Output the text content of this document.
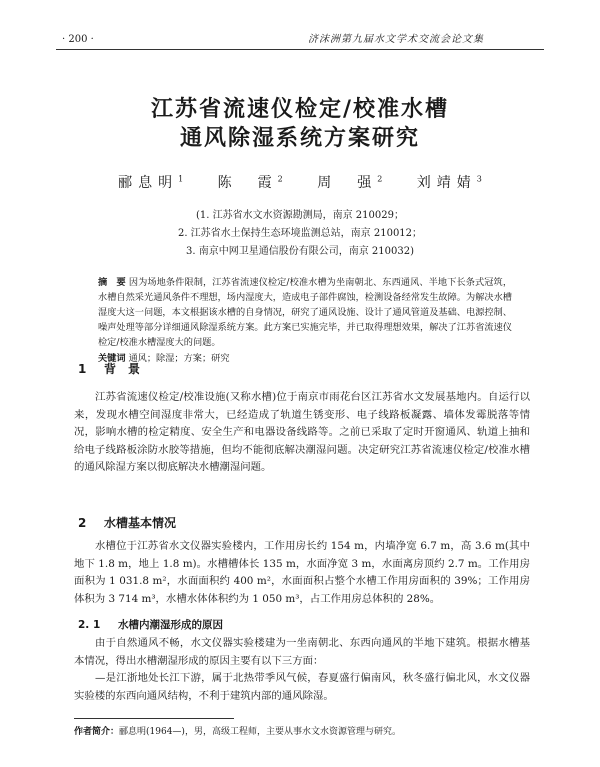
· 200 ·	济沫洲第九届水文学术交流会论文集
江苏省流速仪检定/校准水槽
通风除湿系统方案研究
郦息明$^1$ 陈　霞$^2$ 周　强$^2$ 刘靖婧$^3$
(1. 江苏省水文水资源勘测局，南京 210029；
2. 江苏省水土保持生态环境监测总站，南京 210012；
3. 南京中网卫星通信股份有限公司，南京 210032)
摘　要 因为场地条件限制，江苏省流速仪检定/校准水槽为坐南朝北、东西通风、半地下长条式冠筑，水槽自然采光通风条件不理想，场内湿度大，造成电子部件腐蚀，检测设备经常发生故障。为解决水槽湿度大这一问题，本文根据该水槽的自身情况，研究了通风设施、设计了通风管道及基础、电源控制、噪声处理等部分详细通风除湿系统方案。此方案已实施完毕，并已取得理想效果，解决了江苏省流速仪检定/校准水槽湿度大的问题。
关键词 通风；除湿；方案；研究
1 背　景
江苏省流速仪检定/校准设施(又称水槽)位于南京市雨花台区江苏省水文发展基地内。自运行以来，发现水槽空间湿度非常大，已经造成了轨道生锈变形、电子线路板凝露、墙体发霉脱落等情况，影响水槽的检定精度、安全生产和电器设备线路等。之前已采取了定时开窗通风、轨道上抽和给电子线路板涂防水胶等措施，但均不能彻底解决潮湿问题。决定研究江苏省流速仪检定/校准水槽的通风除湿方案以彻底解决水槽潮湿问题。
2 水槽基本情况
水槽位于江苏省水文仪器实验楼内，工作用房长约 154 m，内墙净宽 6.7 m，高 3.6 m(其中地下 1.8 m，地上 1.8 m)。水槽槽体长 135 m，水面净宽 3 m，水面离房顶约 2.7 m。工作用房面积为 1 031.8 m²，水面面积约 400 m²，水面面积占整个水槽工作用房面积的 39%；工作用房体积为 3 714 m³，水槽水体体积约为 1 050 m³，占工作用房总体积的 28%。
2. 1 水槽内潮湿形成的原因
由于自然通风不畅，水文仪器实验楼建为一坐南朝北、东西向通风的半地下建筑。根据水槽基本情况，得出水槽潮湿形成的原因主要有以下三方面：
—是江浙地处长江下游，属于北热带季风气候，春夏盛行偏南风，秋冬盛行偏北风，水文仪器实验楼的东西向通风结构，不利于建筑内部的通风除湿。
作者简介：郦息明(1964—)，男，高级工程师，主要从事水文水资源管理与研究。
